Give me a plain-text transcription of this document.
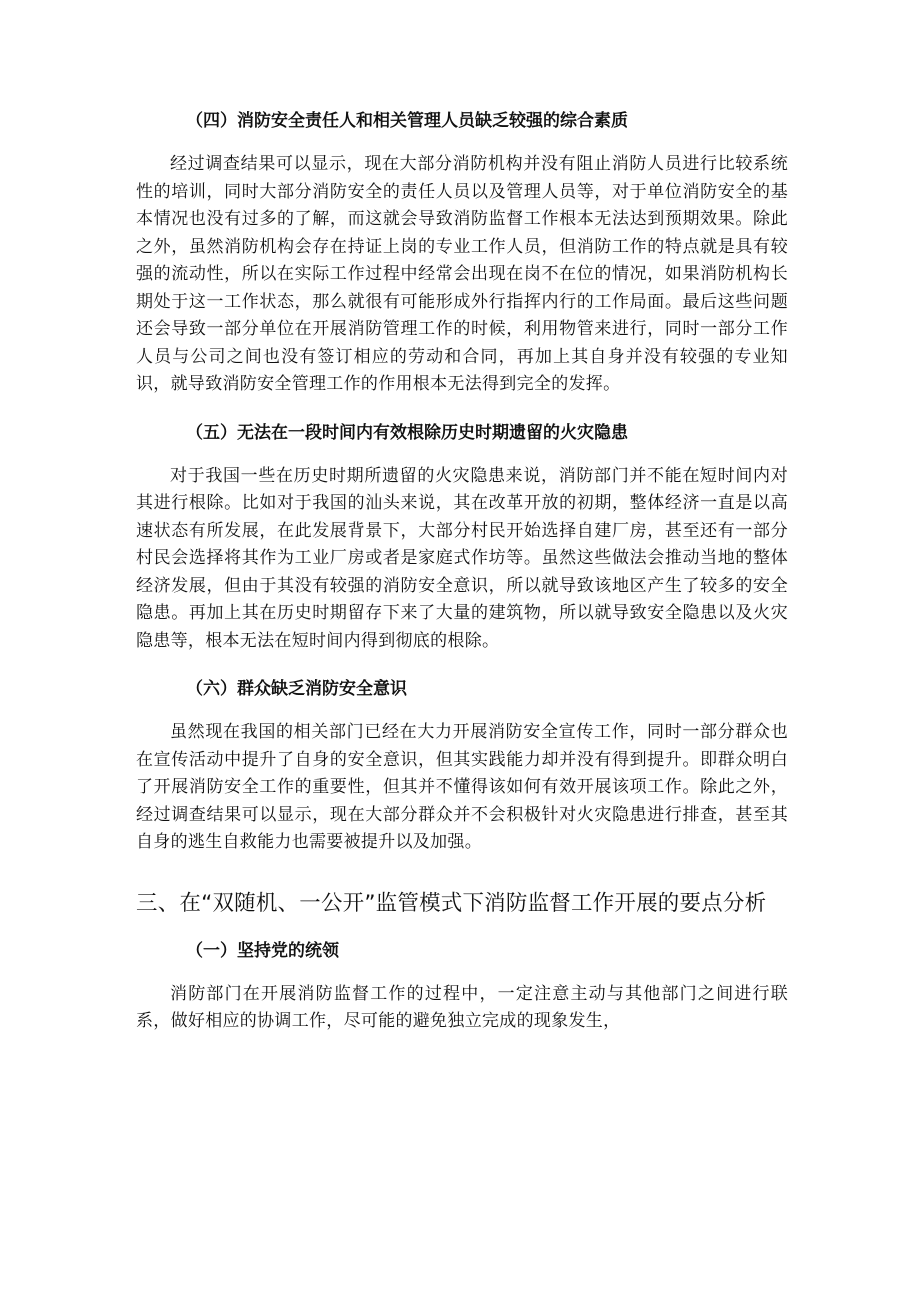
（四）消防安全责任人和相关管理人员缺乏较强的综合素质

经过调查结果可以显示，现在大部分消防机构并没有阻止消防人员进行比较系统性的培训，同时大部分消防安全的责任人员以及管理人员等，对于单位消防安全的基本情况也没有过多的了解，而这就会导致消防监督工作根本无法达到预期效果。除此之外，虽然消防机构会存在持证上岗的专业工作人员，但消防工作的特点就是具有较强的流动性，所以在实际工作过程中经常会出现在岗不在位的情况，如果消防机构长期处于这一工作状态，那么就很有可能形成外行指挥内行的工作局面。最后这些问题还会导致一部分单位在开展消防管理工作的时候，利用物管来进行，同时一部分工作人员与公司之间也没有签订相应的劳动和合同，再加上其自身并没有较强的专业知识，就导致消防安全管理工作的作用根本无法得到完全的发挥。

（五）无法在一段时间内有效根除历史时期遗留的火灾隐患

对于我国一些在历史时期所遗留的火灾隐患来说，消防部门并不能在短时间内对其进行根除。比如对于我国的汕头来说，其在改革开放的初期，整体经济一直是以高速状态有所发展，在此发展背景下，大部分村民开始选择自建厂房，甚至还有一部分村民会选择将其作为工业厂房或者是家庭式作坊等。虽然这些做法会推动当地的整体经济发展，但由于其没有较强的消防安全意识，所以就导致该地区产生了较多的安全隐患。再加上其在历史时期留存下来了大量的建筑物，所以就导致安全隐患以及火灾隐患等，根本无法在短时间内得到彻底的根除。

（六）群众缺乏消防安全意识

虽然现在我国的相关部门已经在大力开展消防安全宣传工作，同时一部分群众也在宣传活动中提升了自身的安全意识，但其实践能力却并没有得到提升。即群众明白了开展消防安全工作的重要性，但其并不懂得该如何有效开展该项工作。除此之外，经过调查结果可以显示，现在大部分群众并不会积极针对火灾隐患进行排查，甚至其自身的逃生自救能力也需要被提升以及加强。

三、在“双随机、一公开”监管模式下消防监督工作开展的要点分析
（一）坚持党的统领

消防部门在开展消防监督工作的过程中，一定注意主动与其他部门之间进行联系，做好相应的协调工作，尽可能的避免独立完成的现象发生，
